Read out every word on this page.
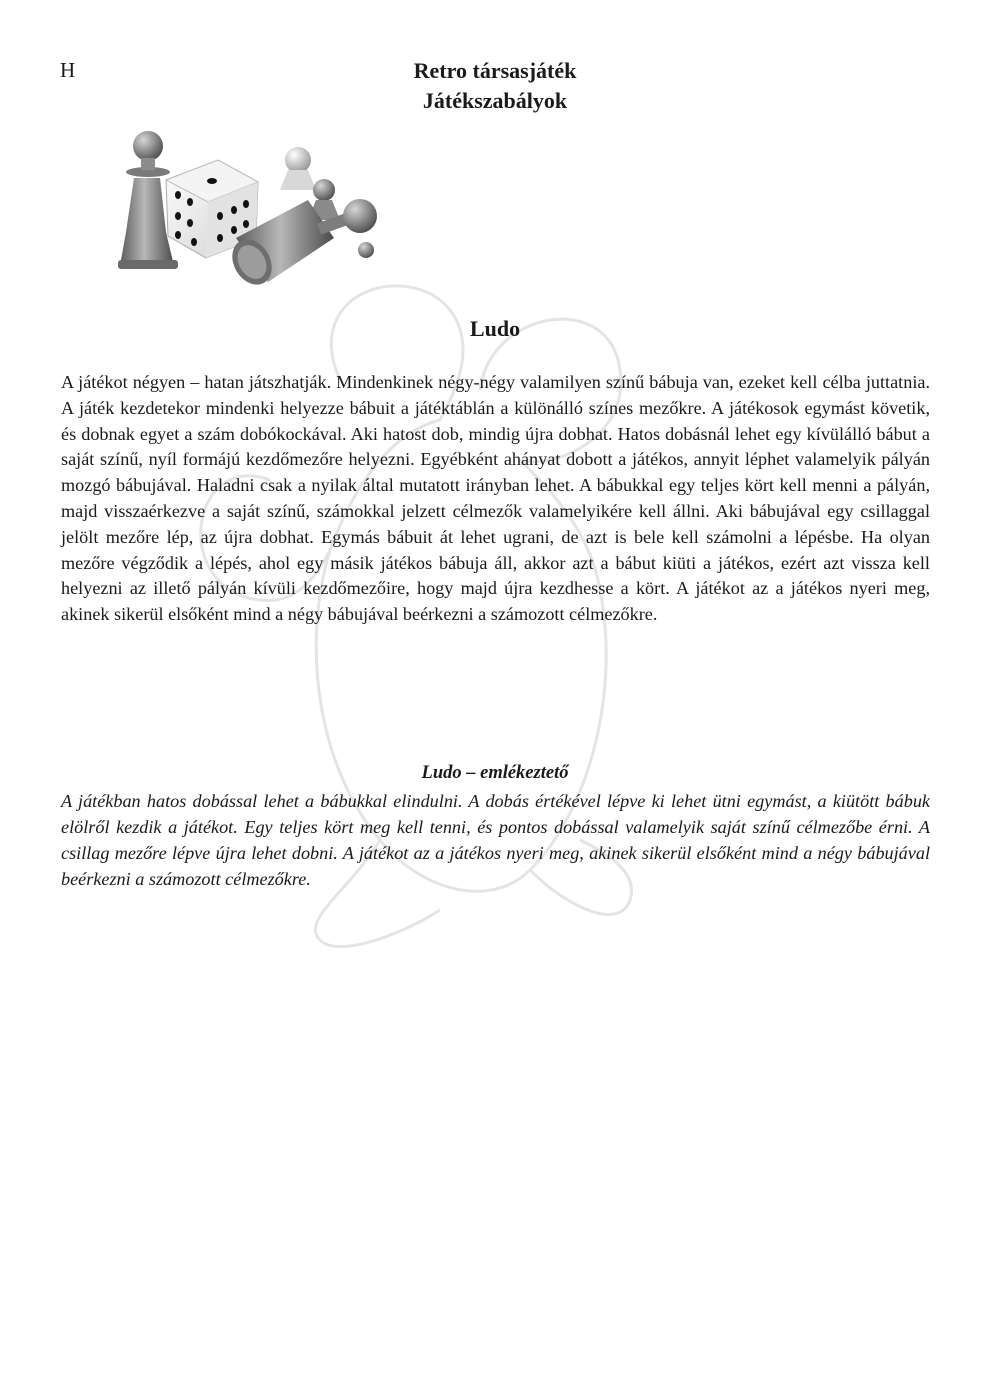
H	Retro társasjáték
Játékszabályok
Ludo

A játékot négyen – hatan játszhatják. Mindenkinek négy-négy valamilyen színű bábuja van, ezeket kell célba juttatnia. A játék kezdetekor mindenki helyezze bábuit a játéktáblán a különálló színes mezőkre. A játékosok egymást követik, és dobnak egyet a szám dobókockával. Aki hatost dob, mindig újra dobhat. Hatos dobásnál lehet egy kívülálló bábut a saját színű, nyíl formájú kezdőmezőre helyezni. Egyébként ahányat dobott a játékos, annyit léphet valamelyik pályán mozgó bábujával. Haladni csak a nyilak által mutatott irányban lehet. A bábukkal egy teljes kört kell menni a pályán, majd visszaérkezve a saját színű, számokkal jelzett célmezők valamelyikére kell állni. Aki bábujával egy csillaggal jelölt mezőre lép, az újra dobhat. Egymás bábuit át lehet ugrani, de azt is bele kell számolni a lépésbe. Ha olyan mezőre végződik a lépés, ahol egy másik játékos bábuja áll, akkor azt a bábut kiüti a játékos, ezért azt vissza kell helyezni az illető pályán kívüli kezdőmezőire, hogy majd újra kezdhesse a kört. A játékot az a játékos nyeri meg, akinek sikerül elsőként mind a négy bábujával beérkezni a számozott célmezőkre.

Ludo – emlékeztető

A játékban hatos dobással lehet a bábukkal elindulni. A dobás értékével lépve ki lehet ütni egymást, a kiütött bábuk elölről kezdik a játékot. Egy teljes kört meg kell tenni, és pontos dobással valamelyik saját színű célmezőbe érni. A csillag mezőre lépve újra lehet dobni. A játékot az a játékos nyeri meg, akinek sikerül elsőként mind a négy bábujával beérkezni a számozott célmezőkre.
